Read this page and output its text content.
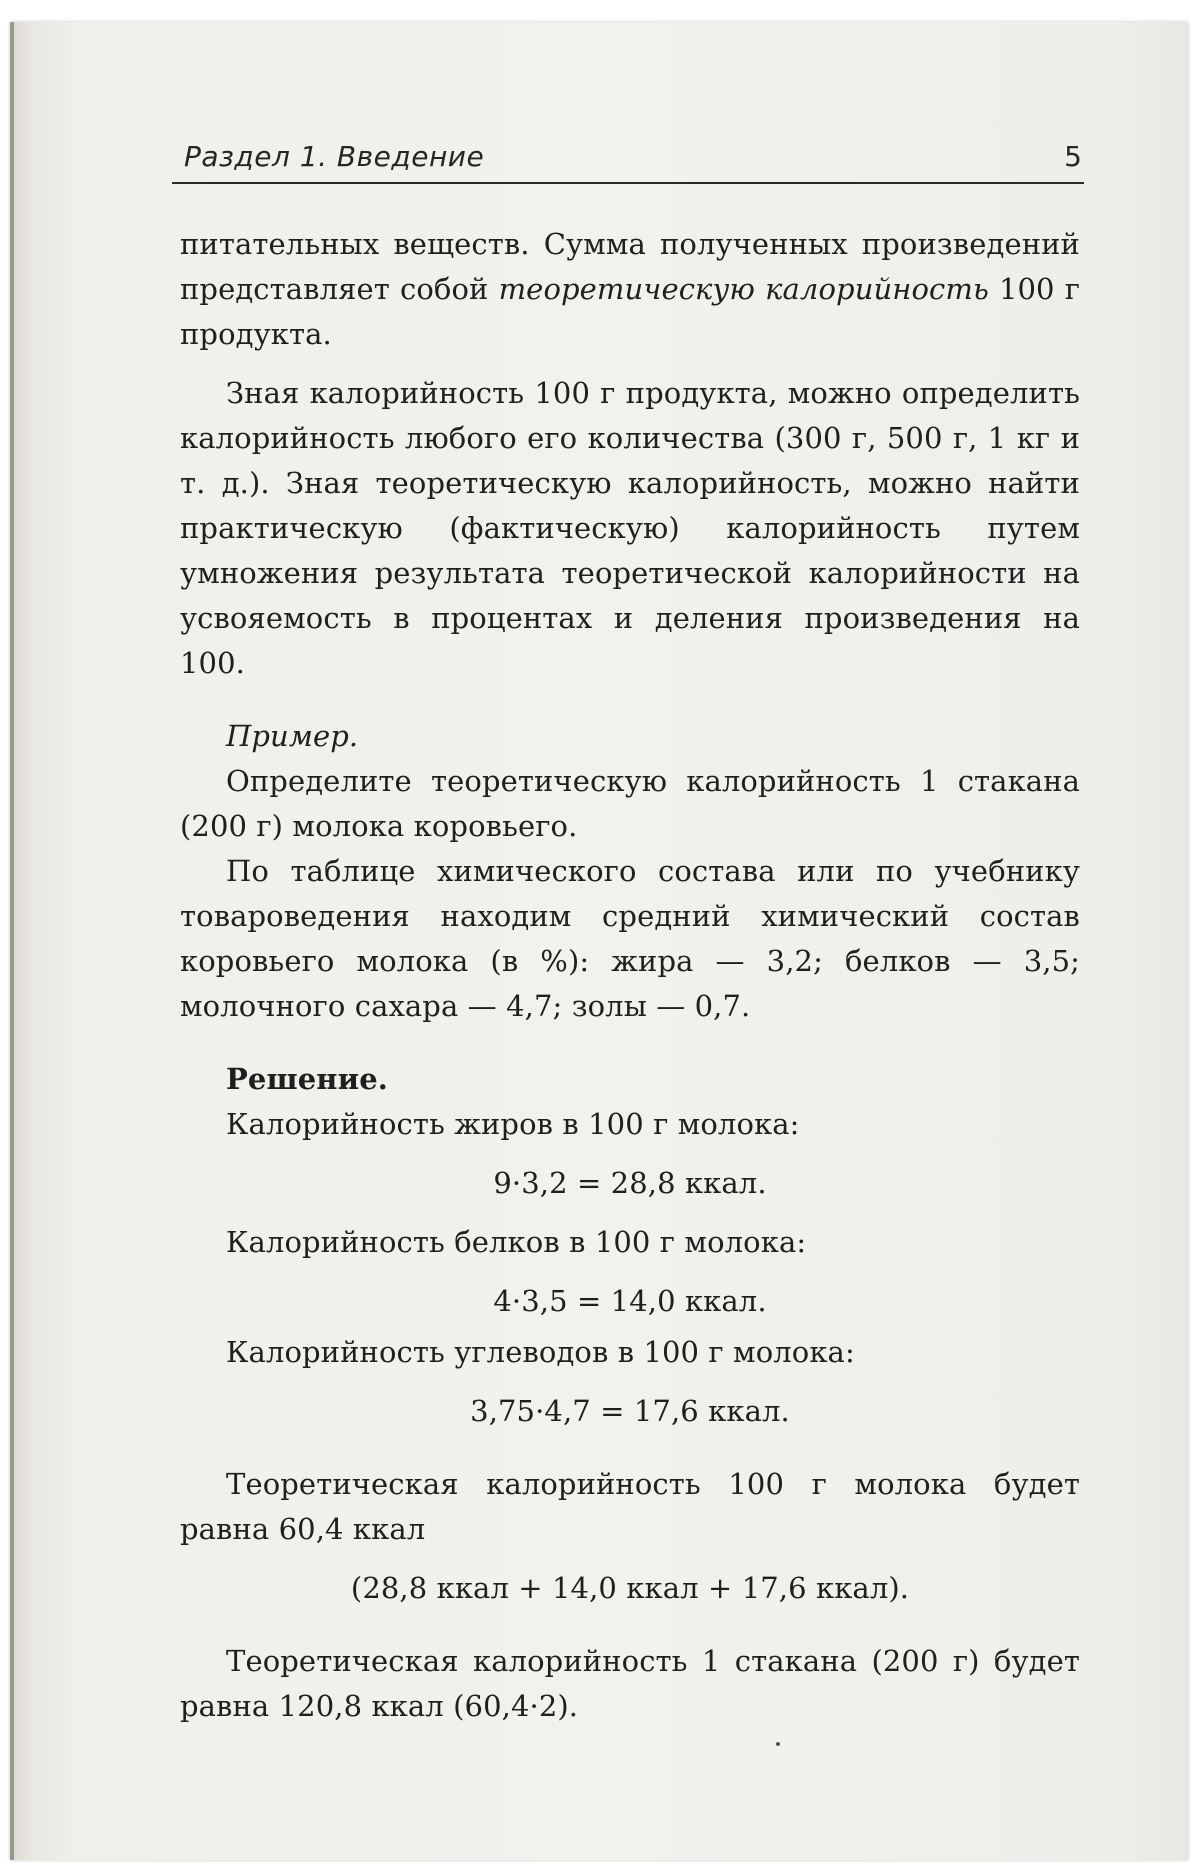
Раздел 1. Введение	5

питательных веществ. Сумма полученных произведений представляет собой теоретическую калорийность 100 г продукта.

Зная калорийность 100 г продукта, можно определить калорийность любого его количества (300 г, 500 г, 1 кг и т. д.). Зная теоретическую калорийность, можно найти практическую (фактическую) калорийность путем умножения результата теоретической калорийности на усвояемость в процентах и деления произведения на 100.

Пример.

Определите теоретическую калорийность 1 стакана (200 г) молока коровьего.

По таблице химического состава или по учебнику товароведения находим средний химический состав коровьего молока (в %): жира — 3,2; белков — 3,5; молочного сахара — 4,7; золы — 0,7.

Решение.

Калорийность жиров в 100 г молока:

9·3,2 = 28,8 ккал.

Калорийность белков в 100 г молока:

4·3,5 = 14,0 ккал.

Калорийность углеводов в 100 г молока:

3,75·4,7 = 17,6 ккал.

Теоретическая калорийность 100 г молока будет равна 60,4 ккал

(28,8 ккал + 14,0 ккал + 17,6 ккал).

Теоретическая калорийность 1 стакана (200 г) будет равна 120,8 ккал (60,4·2).
